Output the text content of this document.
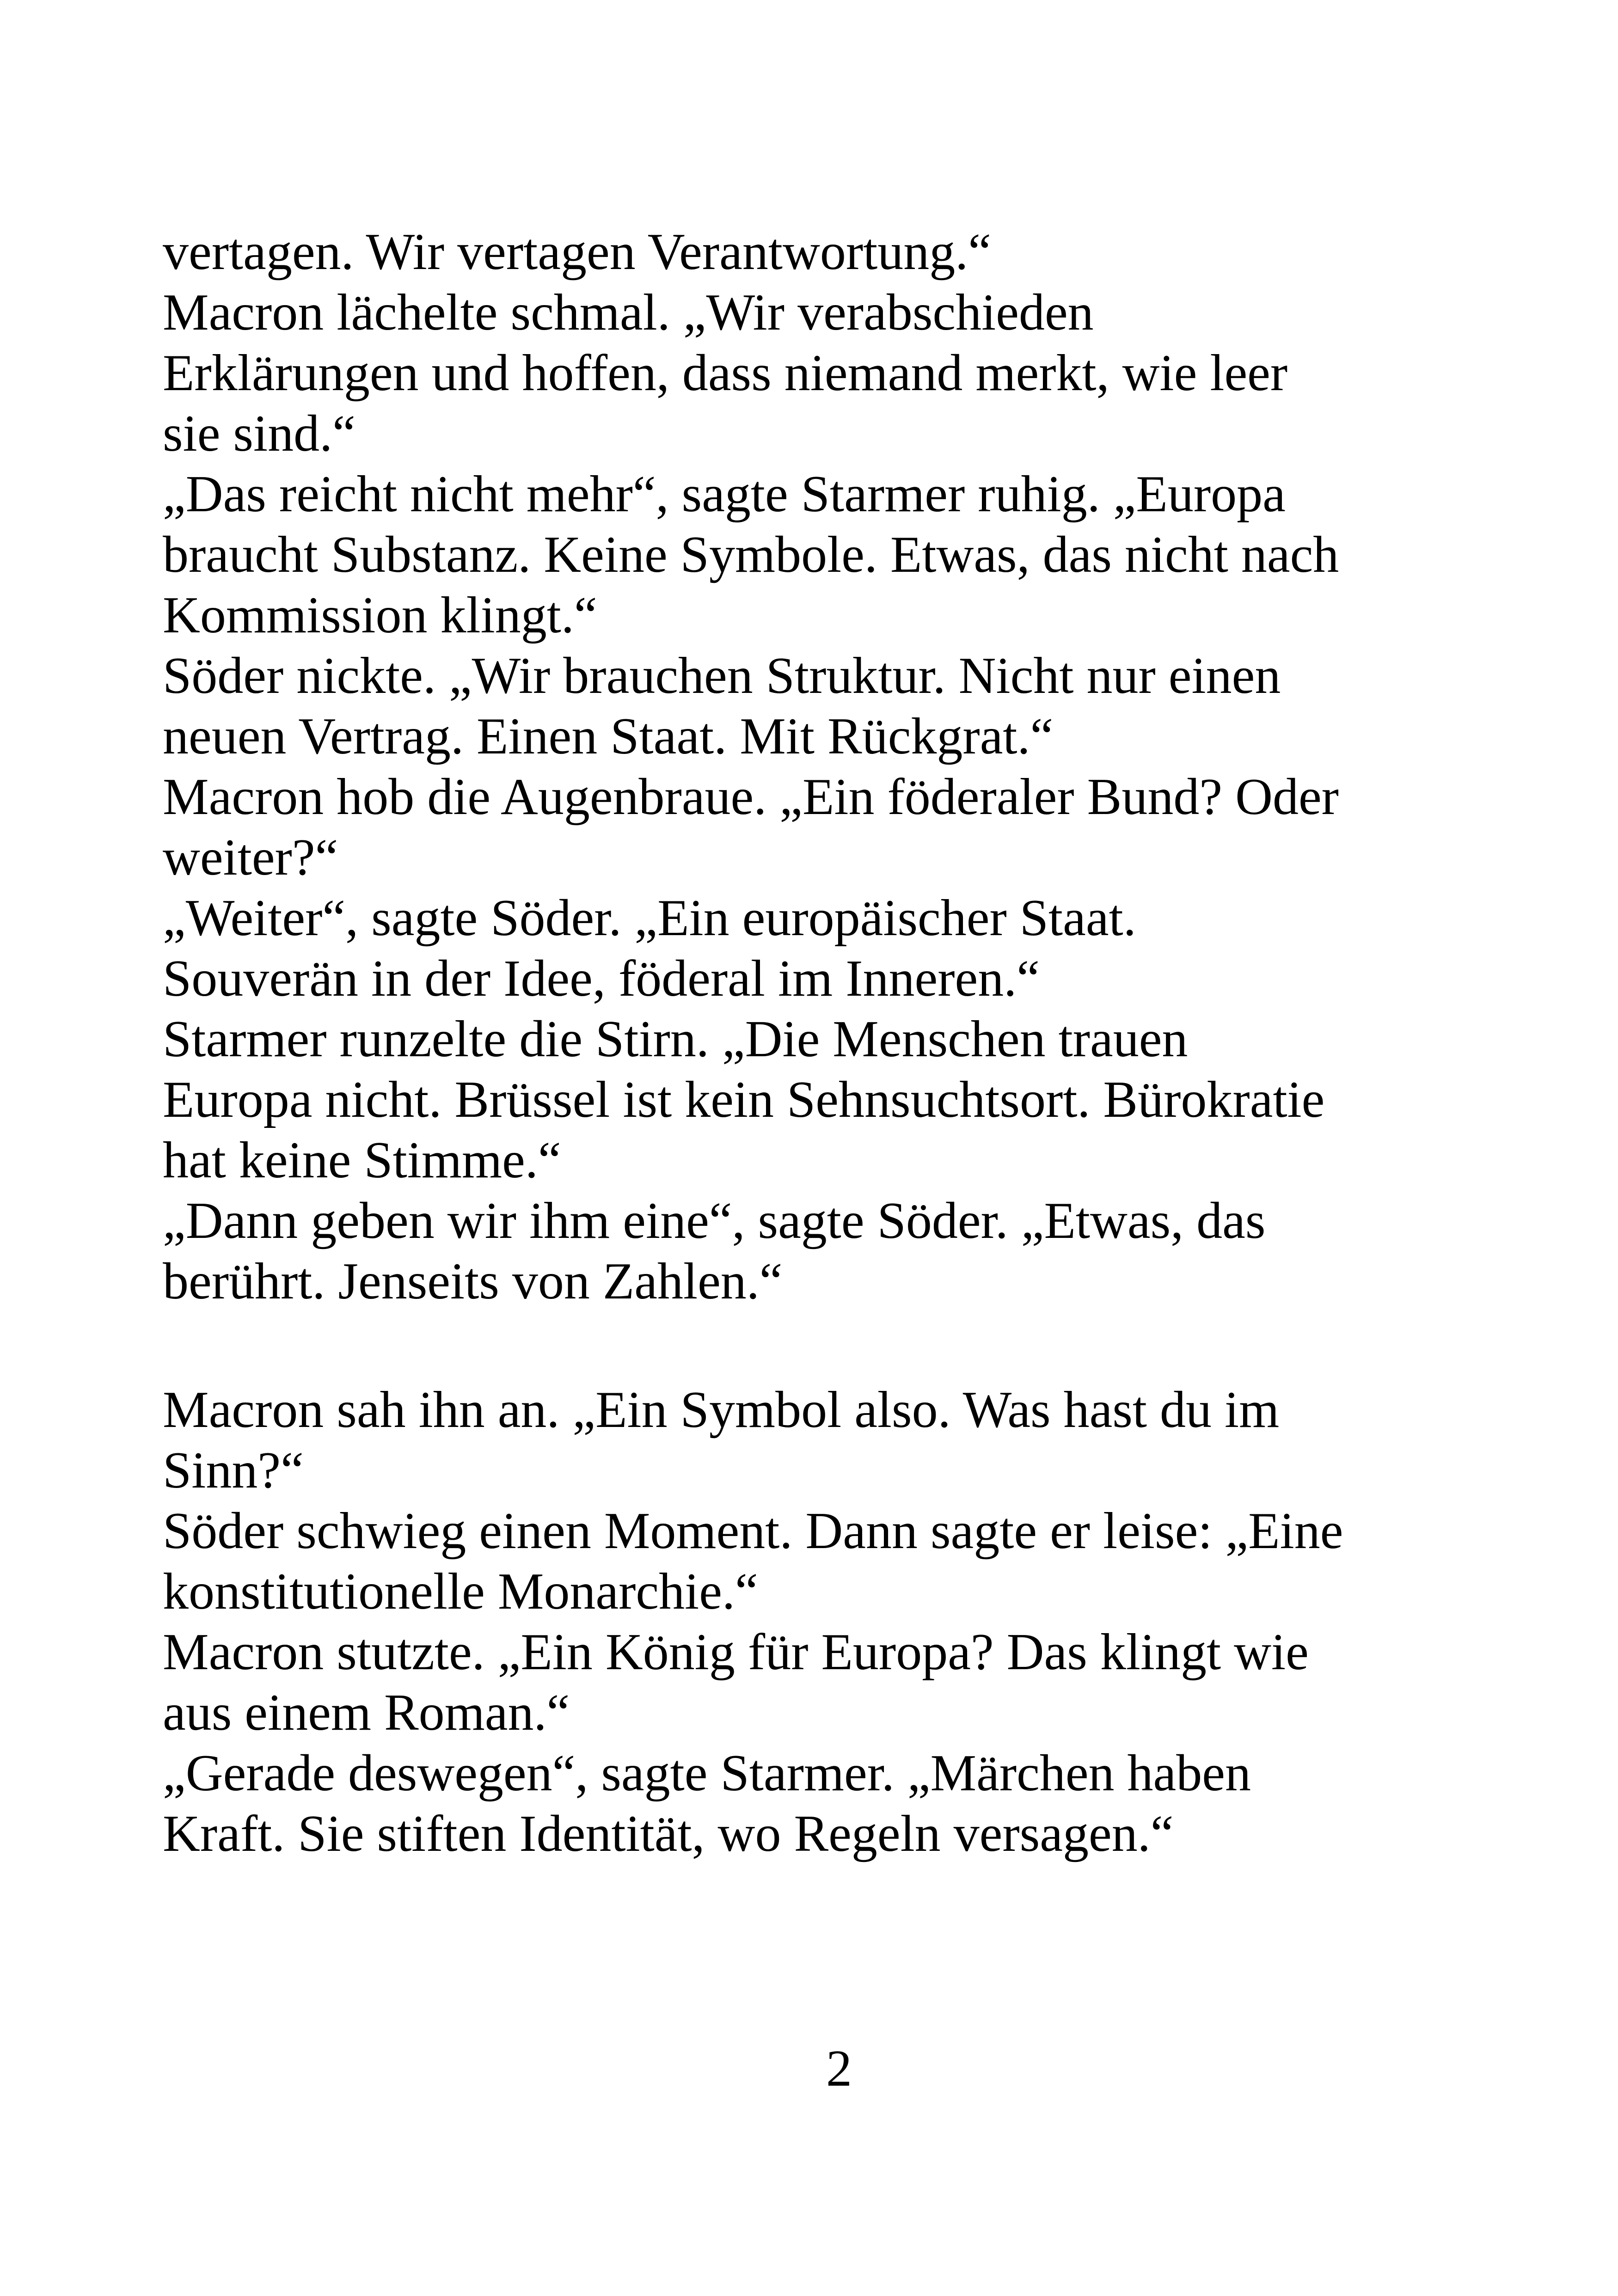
vertagen. Wir vertagen Verantwortung.“
Macron lächelte schmal. „Wir verabschieden
Erklärungen und hoffen, dass niemand merkt, wie leer
sie sind.“
„Das reicht nicht mehr“, sagte Starmer ruhig. „Europa
braucht Substanz. Keine Symbole. Etwas, das nicht nach
Kommission klingt.“
Söder nickte. „Wir brauchen Struktur. Nicht nur einen
neuen Vertrag. Einen Staat. Mit Rückgrat.“
Macron hob die Augenbraue. „Ein föderaler Bund? Oder
weiter?“
„Weiter“, sagte Söder. „Ein europäischer Staat.
Souverän in der Idee, föderal im Inneren.“
Starmer runzelte die Stirn. „Die Menschen trauen
Europa nicht. Brüssel ist kein Sehnsuchtsort. Bürokratie
hat keine Stimme.“
„Dann geben wir ihm eine“, sagte Söder. „Etwas, das
berührt. Jenseits von Zahlen.“
Macron sah ihn an. „Ein Symbol also. Was hast du im
Sinn?“
Söder schwieg einen Moment. Dann sagte er leise: „Eine
konstitutionelle Monarchie.“
Macron stutzte. „Ein König für Europa? Das klingt wie
aus einem Roman.“
„Gerade deswegen“, sagte Starmer. „Märchen haben
Kraft. Sie stiften Identität, wo Regeln versagen.“
2
